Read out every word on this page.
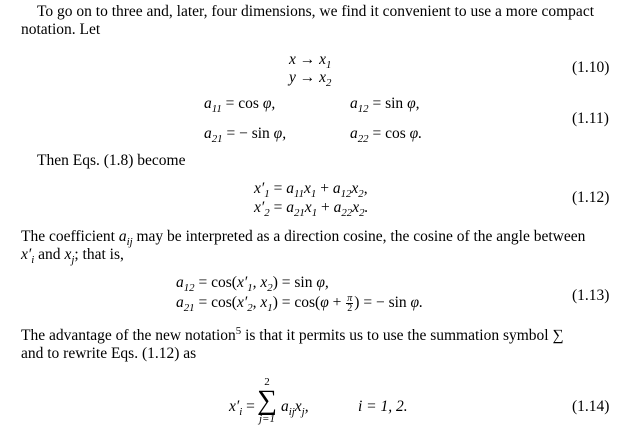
To go on to three and, later, four dimensions, we find it convenient to use a more compact
notation. Let
$x \to x_1$
$y \to x_2$
(1.10)
$a_{11} = \cos \varphi$,	$a_{12} = \sin \varphi$,
$a_{21}$ = − sin φ,	$a_{22} = \cos \varphi$.
(1.11)
Then Eqs. (1.8) become
$x'_1 = a_{11}x_1 + a_{12}x_2$,
$x'_2 = a_{21}x_1 + a_{22}x_2$.
(1.12)
The coefficient $a_{ij}$ may be interpreted as a direction cosine, the cosine of the angle between
$x'_i$ and $x_j$; that is,
$a_{12} = \cos(x'_1$, $x_2) = \sin \varphi$,
$a_{21} = \cos(x'_2$, $x_1) = \cos(\varphi + \frac{\pi}{2}$ ) = − sin φ.	(1.13)
The advantage of the new notation$^5$ is that it permits us to use the summation symbol ∑
and to rewrite Eqs. (1.12) as
$x'_i$ =
2
∑
j=1
$a_{ij}x_j$,	i = 1, 2.	(1.14)
